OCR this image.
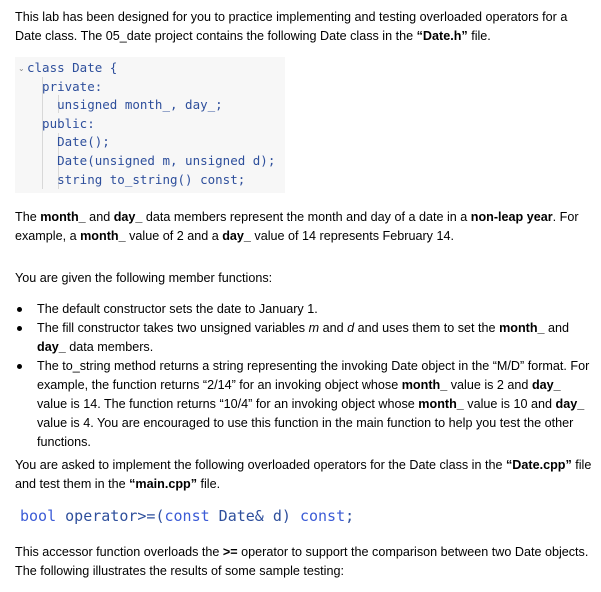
This lab has been designed for you to practice implementing and testing overloaded operators for a Date class. The 05_date project contains the following Date class in the “Date.h” file.
⌄ class Date {
private:
unsigned month_, day_;
public:
Date();
Date(unsigned m, unsigned d);
string to_string() const;
The month_ and day_ data members represent the month and day of a date in a non-leap year. For example, a month_ value of 2 and a day_ value of 14 represents February 14.
You are given the following member functions:
The default constructor sets the date to January 1.
The fill constructor takes two unsigned variables m and d and uses them to set the month_ and day_ data members.
The to_string method returns a string representing the invoking Date object in the “M/D” format. For example, the function returns “2/14” for an invoking object whose month_ value is 2 and day_ value is 14. The function returns “10/4” for an invoking object whose month_ value is 10 and day_ value is 4. You are encouraged to use this function in the main function to help you test the other functions.
You are asked to implement the following overloaded operators for the Date class in the “Date.cpp” file and test them in the “main.cpp” file.
bool operator>=(const Date& d) const;
This accessor function overloads the >= operator to support the comparison between two Date objects. The following illustrates the results of some sample testing:
